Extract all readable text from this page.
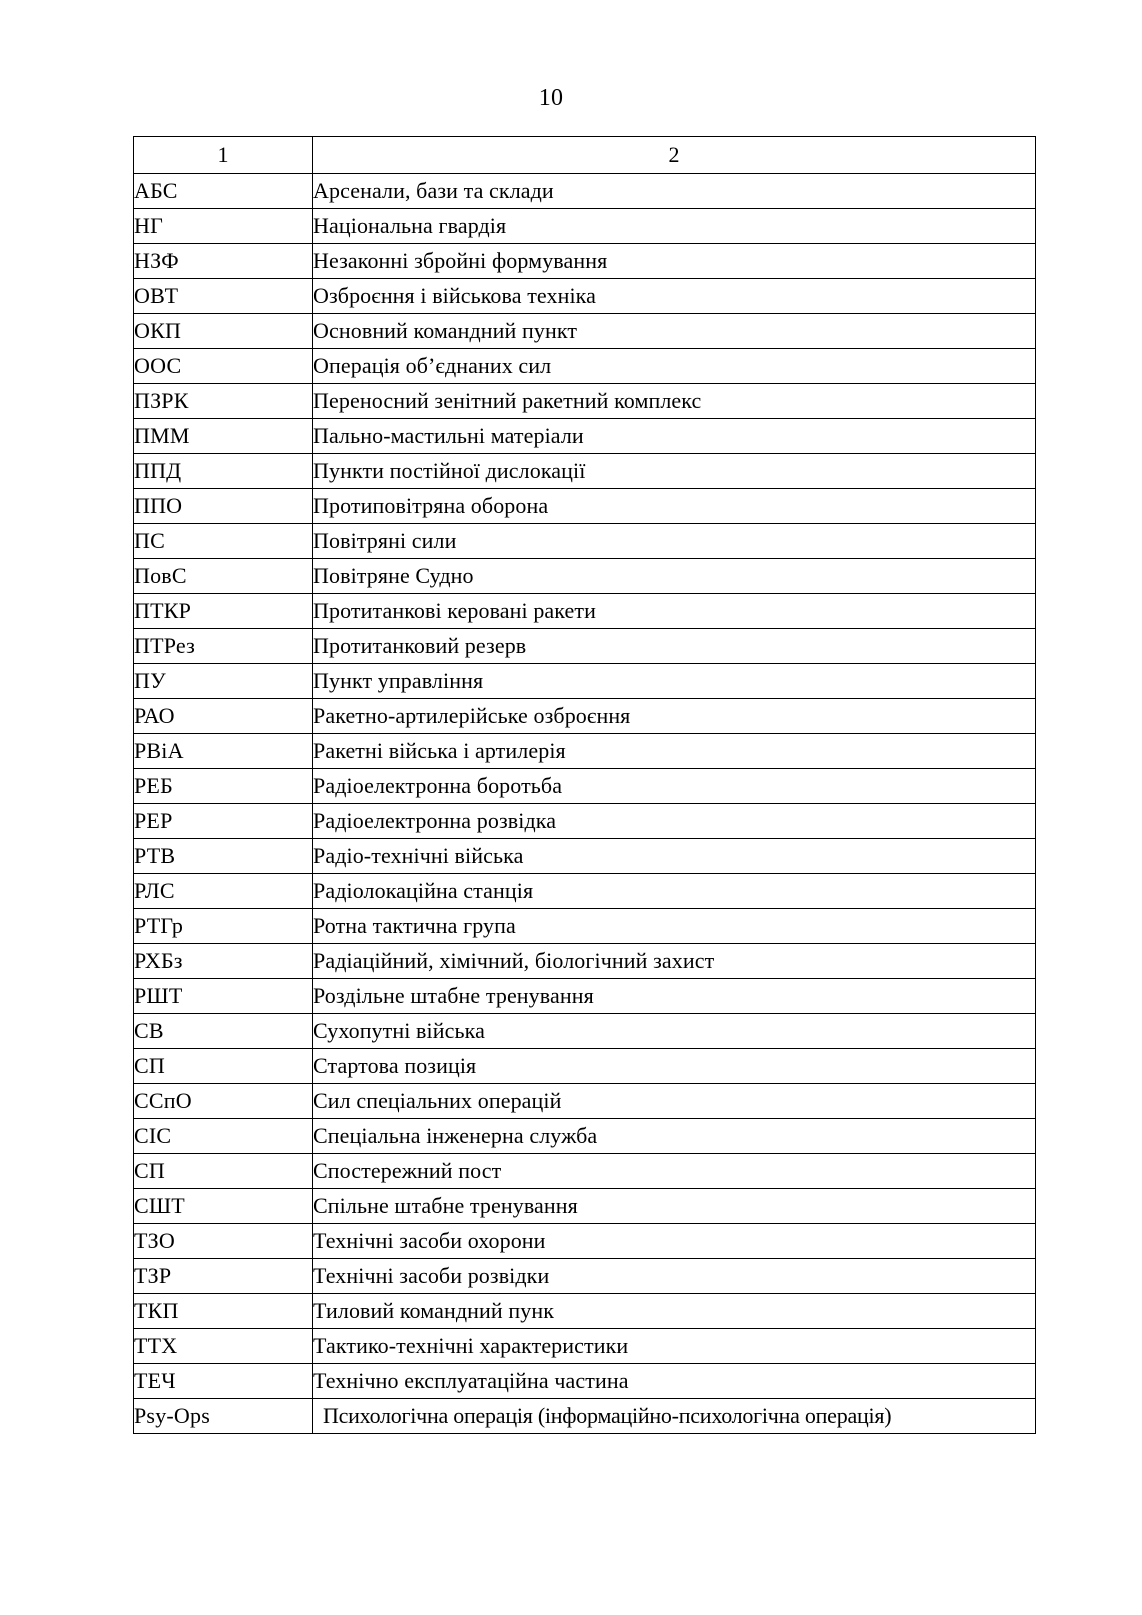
10
1	2
АБС	Арсенали, бази та склади
НГ	Національна гвардія
НЗФ	Незаконні збройні формування
ОВТ	Озброєння і військова техніка
ОКП	Основний командний пункт
ООС	Операція об’єднаних сил
ПЗРК	Переносний зенітний ракетний комплекс
ПММ	Пально-мастильні матеріали
ППД	Пункти постійної дислокації
ППО	Протиповітряна оборона
ПС	Повітряні сили
ПовС	Повітряне Судно
ПТКР	Протитанкові керовані ракети
ПТРез	Протитанковий резерв
ПУ	Пункт управління
РАО	Ракетно-артилерійське озброєння
РВіА	Ракетні війська і артилерія
РЕБ	Радіоелектронна боротьба
РЕР	Радіоелектронна розвідка
РТВ	Радіо-технічні війська
РЛС	Радіолокаційна станція
РТГр	Ротна тактична група
РХБз	Радіаційний, хімічний, біологічний захист
РШТ	Роздільне штабне тренування
СВ	Сухопутні війська
СП	Стартова позиція
ССпО	Сил спеціальних операцій
СІС	Спеціальна інженерна служба
СП	Спостережний пост
СШТ	Спільне штабне тренування
ТЗО	Технічні засоби охорони
ТЗР	Технічні засоби розвідки
ТКП	Тиловий командний пунк
ТТХ	Тактико-технічні характеристики
ТЕЧ	Технічно експлуатаційна частина
Psy-Ops	Психологічна операція (інформаційно-психологічна операція)
